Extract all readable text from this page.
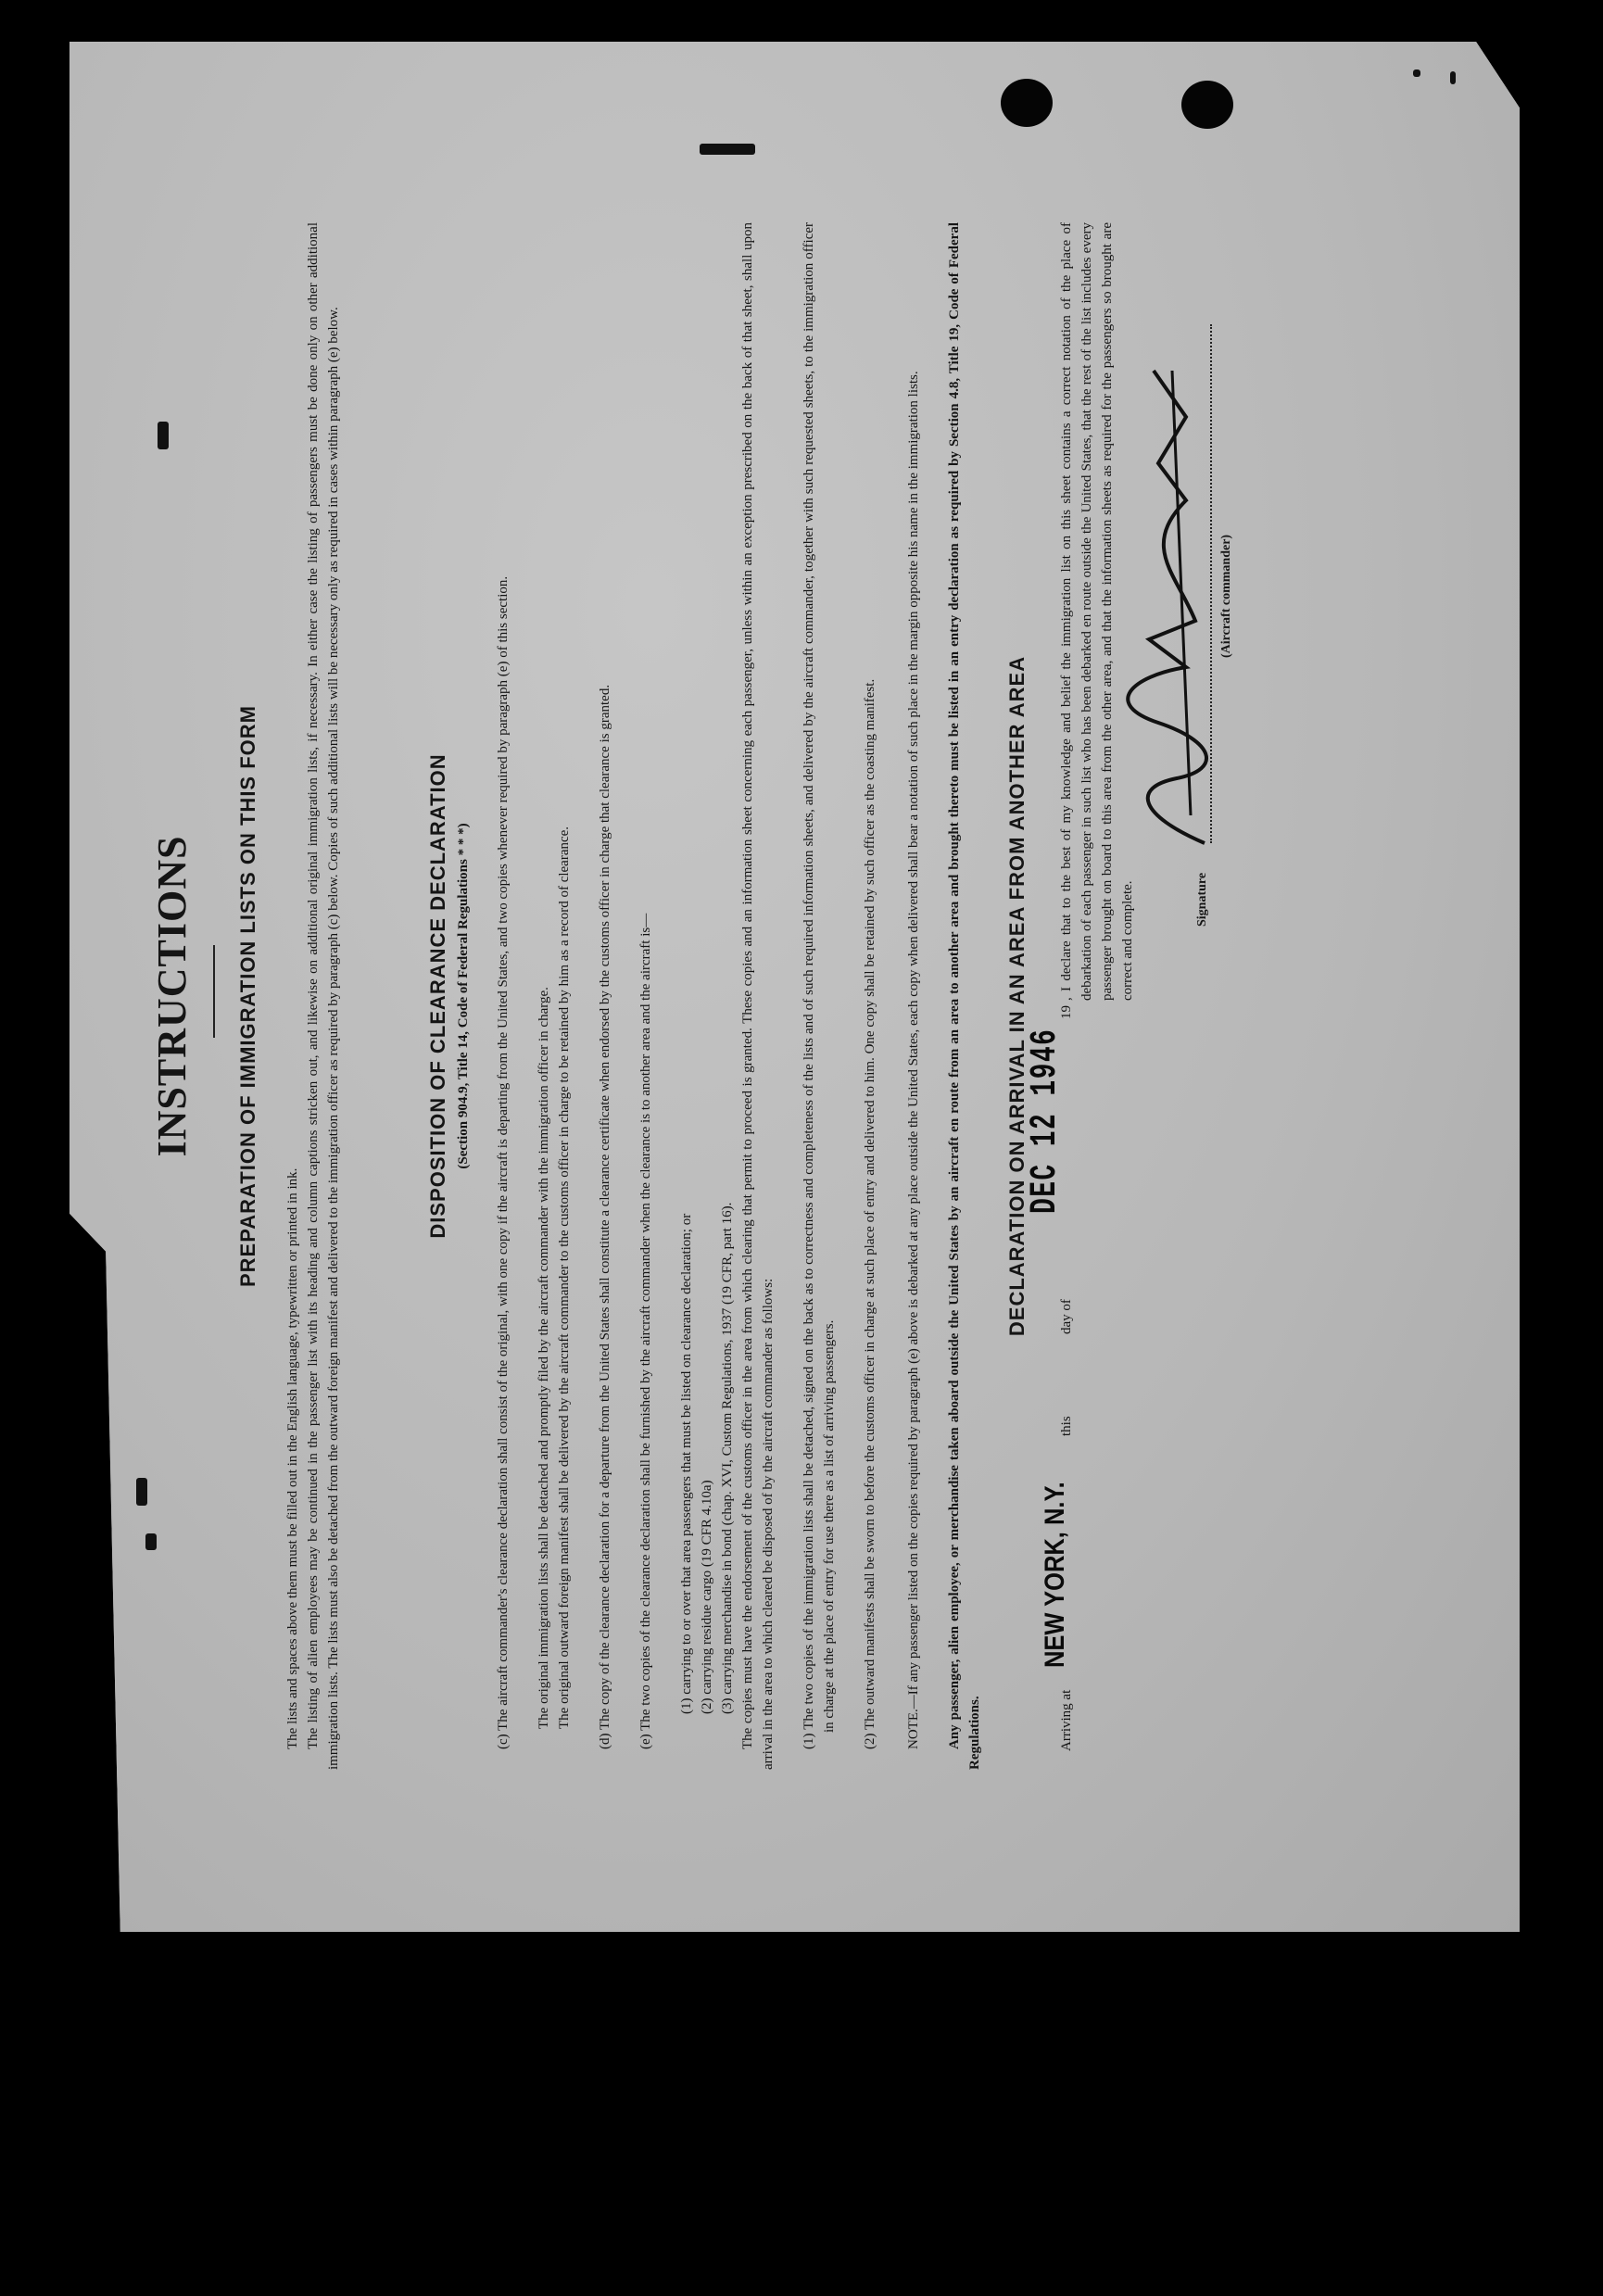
INSTRUCTIONS PREPARATION OF IMMIGRATION LISTS ON THIS FORM
The lists and spaces above them must be filled out in the English language, typewritten or printed in ink. The listing of alien employees may be continued in the passenger list with its heading and column captions stricken out, and likewise on additional original immigration lists, if necessary. In either case the listing of passengers must be done only on other additional immigration lists. The lists must also be detached from the outward foreign manifest and delivered to the immigration officer as required by paragraph (c) below. Copies of such additional lists will be necessary only as required in cases within paragraph (e) below.	DISPOSITION OF CLEARANCE DECLARATION (Section 904.9, Title 14, Code of Federal Regulations * * *) (c) The aircraft commander's clearance declaration shall consist of the original, with one copy if the aircraft is departing from the United States, and two copies whenever required by paragraph (e) of this section. The original immigration lists shall be detached and promptly filed by the aircraft commander with the immigration officer in charge. The original outward foreign manifest shall be delivered by the aircraft commander to the customs officer in charge to be retained by him as a record of clearance. (d) The copy of the clearance declaration for a departure from the United States shall constitute a clearance certificate when endorsed by the customs officer in charge that clearance is granted. (e) The two copies of the clearance declaration shall be furnished by the aircraft commander when the clearance is to another area and the aircraft is— (1) carrying to or over that area passengers that must be listed on clearance declaration; or (2) carrying residue cargo (19 CFR 4.10a) (3) carrying merchandise in bond (chap. XVI, Custom Regulations, 1937 (19 CFR, part 16). The copies must have the endorsement of the customs officer in the area from which clearing that permit to proceed is granted. These copies and an information sheet concerning each passenger, unless within an exception prescribed on the back of that sheet, shall upon arrival in the area to which cleared be disposed of by the aircraft commander as follows: (1) The two copies of the immigration lists shall be detached, signed on the back as to correctness and completeness of the lists and of such required information sheets, and delivered by the aircraft commander, together with such requested sheets, to the immigration officer in charge at the place of entry for use there as a list of arriving passengers. (2) The outward manifests shall be sworn to before the customs officer in charge at such place of entry and delivered to him. One copy shall be retained by such officer as the coasting manifest. NOTE.—If any passenger listed on the copies required by paragraph (e) above is debarked at any place outside the United States, each copy when delivered shall bear a notation of such place in the margin opposite his name in the immigration lists. Any passenger, alien employee, or merchandise taken aboard outside the United States by an aircraft en route from an area to another area and brought thereto must be listed in an entry declaration as required by Section 4.8, Title 19, Code of Federal Regulations.
DECLARATION ON ARRIVAL IN AN AREA FROM ANOTHER AREA
Arriving at
NEW YORK, N.Y.
this
day of
DEC 12 1946
19
, I declare that to the best of my knowledge and belief the immigration list on this sheet contains a correct notation of the place of debarkation of each passenger in such list who has been debarked en route outside the United States, that the rest of the list includes every passenger brought on board to this area from the other area, and that the information sheets as required for the passengers so brought are correct and complete.	Signature
(Aircraft commander)
